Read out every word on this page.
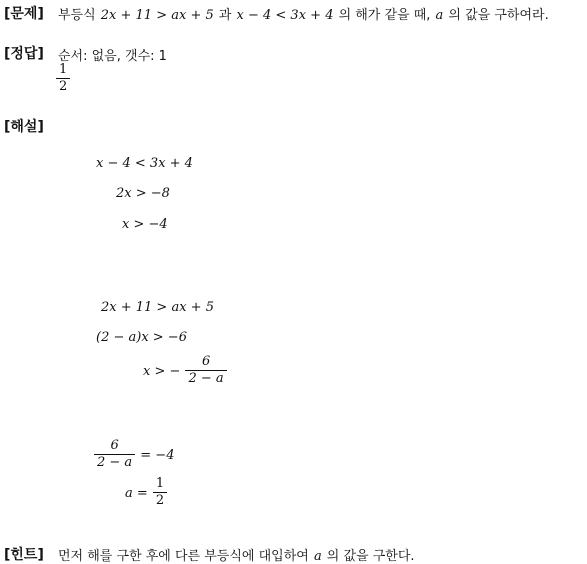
[문제] 부등식 2x + 11 > ax + 5 과 x − 4 < 3x + 4 의 해가 같을 때, a 의 값을 구하여라.
[정답] 순서: 없음, 갯수: 1
$\frac{1}{2}$
[해설]
x − 4 < 3x + 4
2x > −8
x > −4
2x + 11 > ax + 5
(2 − a)x > −6
x > − $\frac{6}{2 - a}$
$\frac{6}{2 - a} = -4$
$a = \frac{1}{2}$
[힌트] 먼저 해를 구한 후에 다른 부등식에 대입하여 a 의 값을 구한다.
